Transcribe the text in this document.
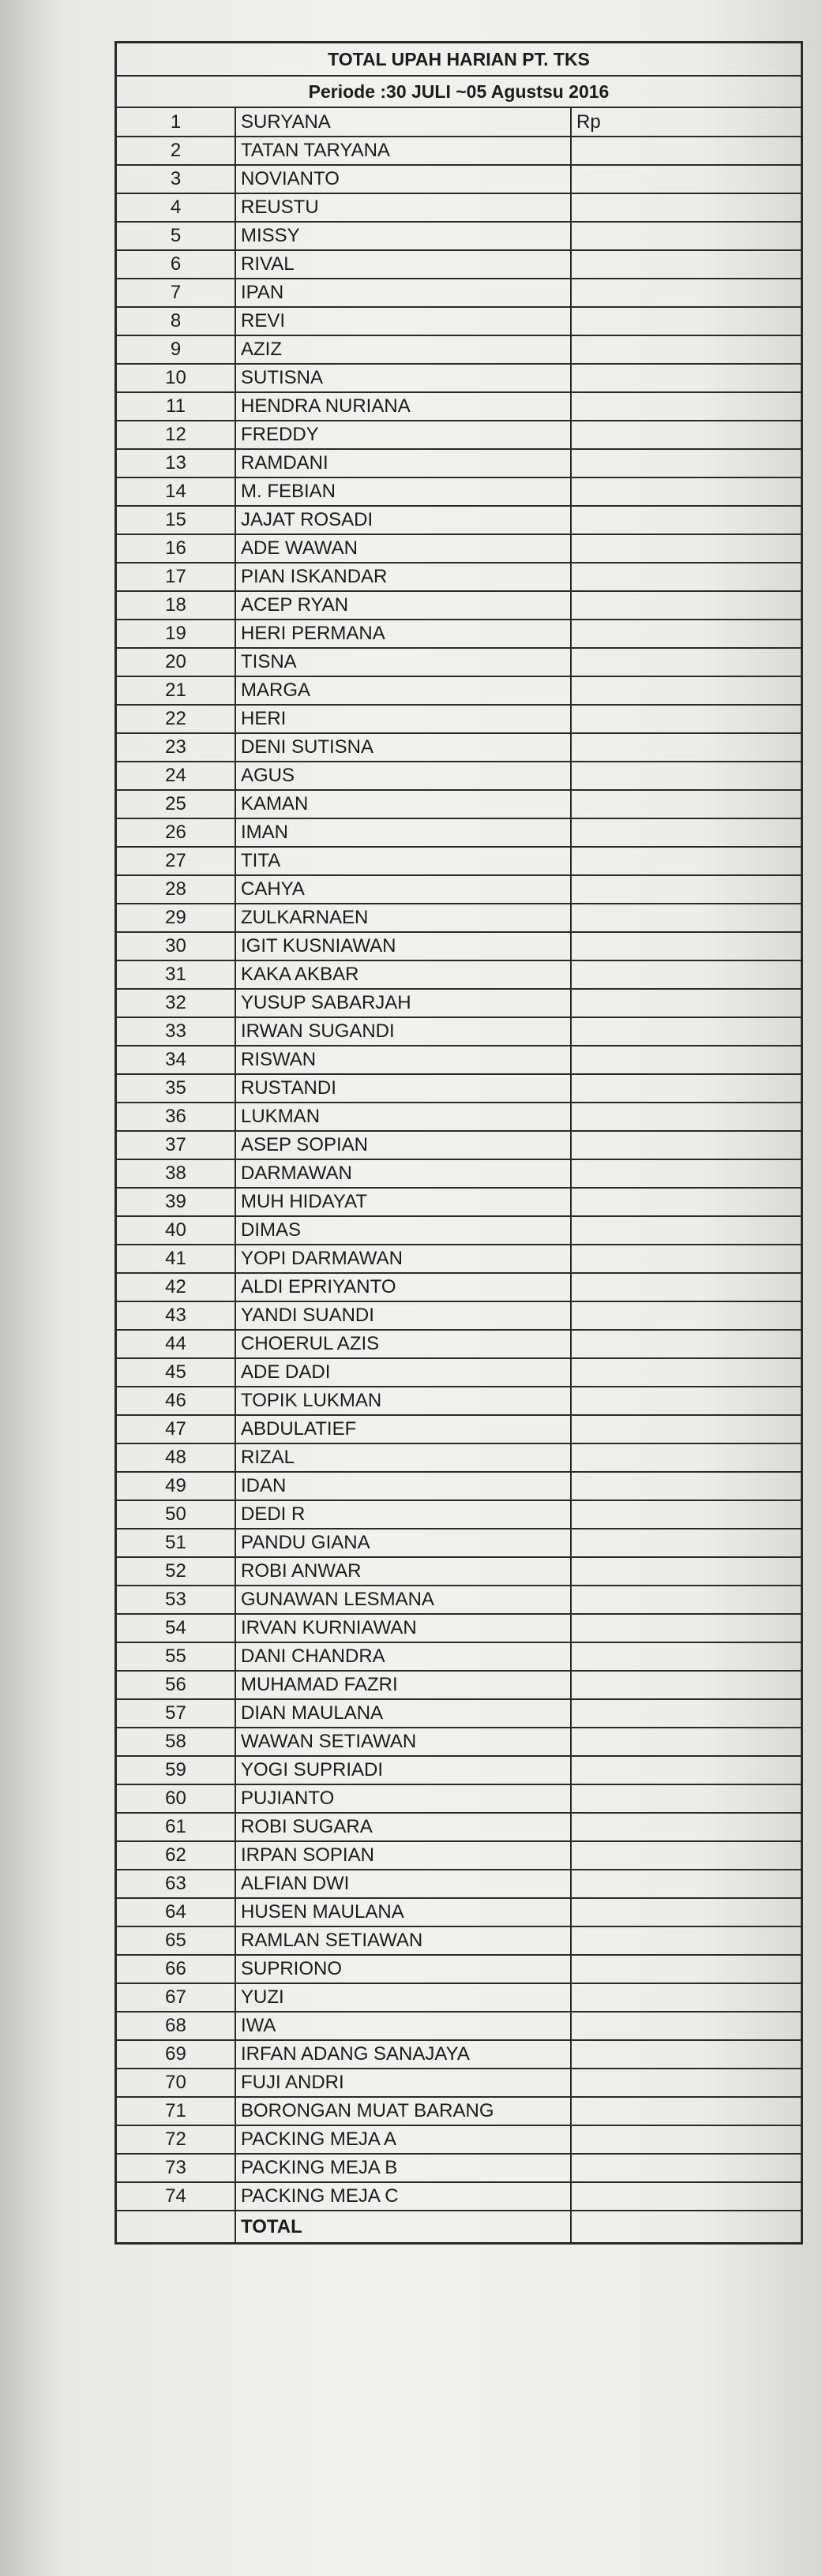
TOTAL UPAH HARIAN PT. TKS
Periode :30 JULI ~05 Agustsu 2016
1	SURYANA	Rp
2	TATAN TARYANA	
3	NOVIANTO	
4	REUSTU	
5	MISSY	
6	RIVAL	
7	IPAN	
8	REVI	
9	AZIZ	
10	SUTISNA	
11	HENDRA NURIANA	
12	FREDDY	
13	RAMDANI	
14	M. FEBIAN	
15	JAJAT ROSADI	
16	ADE WAWAN	
17	PIAN ISKANDAR	
18	ACEP RYAN	
19	HERI PERMANA	
20	TISNA	
21	MARGA	
22	HERI	
23	DENI SUTISNA	
24	AGUS	
25	KAMAN	
26	IMAN	
27	TITA	
28	CAHYA	
29	ZULKARNAEN	
30	IGIT KUSNIAWAN	
31	KAKA AKBAR	
32	YUSUP SABARJAH	
33	IRWAN SUGANDI	
34	RISWAN	
35	RUSTANDI	
36	LUKMAN	
37	ASEP SOPIAN	
38	DARMAWAN	
39	MUH HIDAYAT	
40	DIMAS	
41	YOPI DARMAWAN	
42	ALDI EPRIYANTO	
43	YANDI SUANDI	
44	CHOERUL AZIS	
45	ADE DADI	
46	TOPIK LUKMAN	
47	ABDULATIEF	
48	RIZAL	
49	IDAN	
50	DEDI R	
51	PANDU GIANA	
52	ROBI ANWAR	
53	GUNAWAN LESMANA	
54	IRVAN KURNIAWAN	
55	DANI CHANDRA	
56	MUHAMAD FAZRI	
57	DIAN MAULANA	
58	WAWAN SETIAWAN	
59	YOGI SUPRIADI	
60	PUJIANTO	
61	ROBI SUGARA	
62	IRPAN SOPIAN	
63	ALFIAN DWI	
64	HUSEN MAULANA	
65	RAMLAN SETIAWAN	
66	SUPRIONO	
67	YUZI	
68	IWA	
69	IRFAN ADANG SANAJAYA	
70	FUJI ANDRI	
71	BORONGAN MUAT BARANG	
72	PACKING MEJA A	
73	PACKING MEJA B	
74	PACKING MEJA C	
	TOTAL	
